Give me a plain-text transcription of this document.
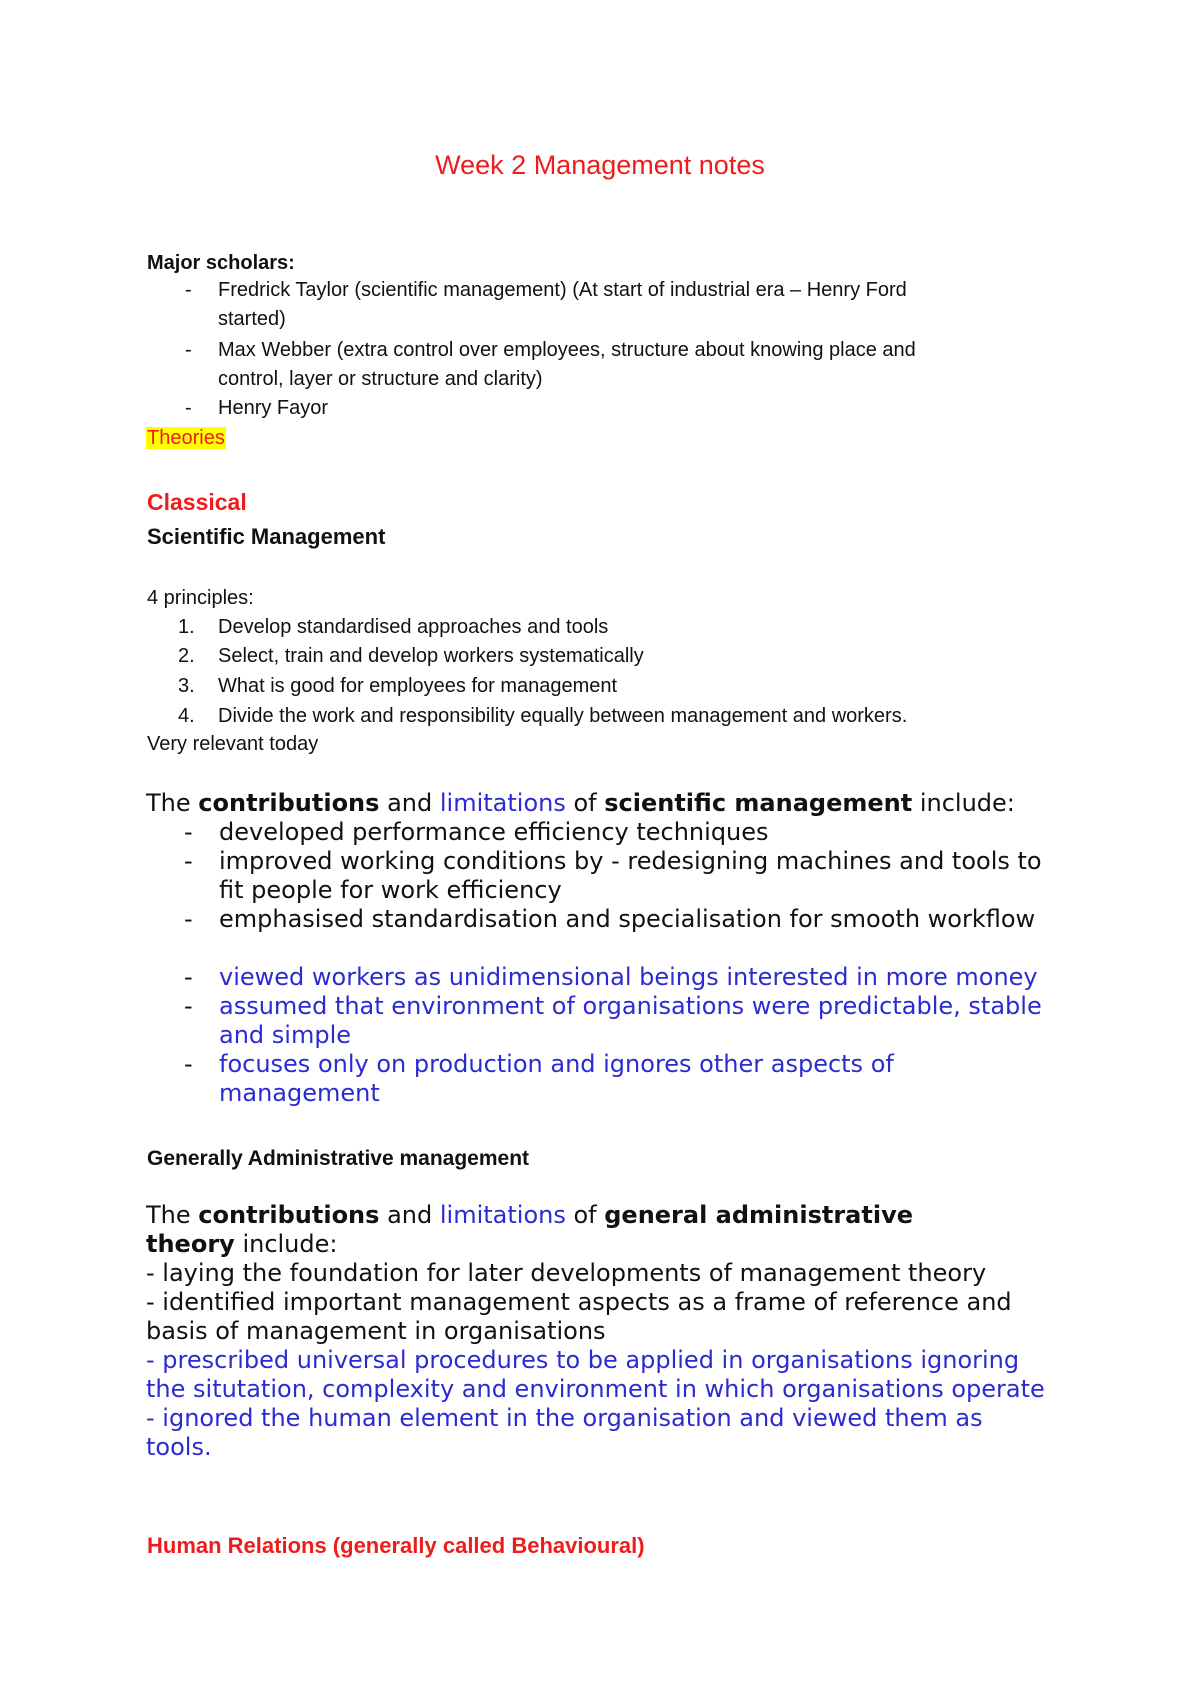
Week 2 Management notes
Major scholars:
- Fredrick Taylor (scientific management) (At start of industrial era – Henry Ford
started)
- Max Webber (extra control over employees, structure about knowing place and
control, layer or structure and clarity)
- Henry Fayor
Theories
Classical
Scientific Management
4 principles:
1. Develop standardised approaches and tools
2. Select, train and develop workers systematically
3. What is good for employees for management
4. Divide the work and responsibility equally between management and workers.
Very relevant today
The contributions and limitations of scientific management include:
- developed performance efficiency techniques
- improved working conditions by - redesigning machines and tools to
fit people for work efficiency
- emphasised standardisation and specialisation for smooth workflow
- viewed workers as unidimensional beings interested in more money
- assumed that environment of organisations were predictable, stable
and simple
- focuses only on production and ignores other aspects of
management
Generally Administrative management
The contributions and limitations of general administrative
theory include:
- laying the foundation for later developments of management theory
- identified important management aspects as a frame of reference and
basis of management in organisations
- prescribed universal procedures to be applied in organisations ignoring
the situtation, complexity and environment in which organisations operate
- ignored the human element in the organisation and viewed them as
tools.
Human Relations (generally called Behavioural)
